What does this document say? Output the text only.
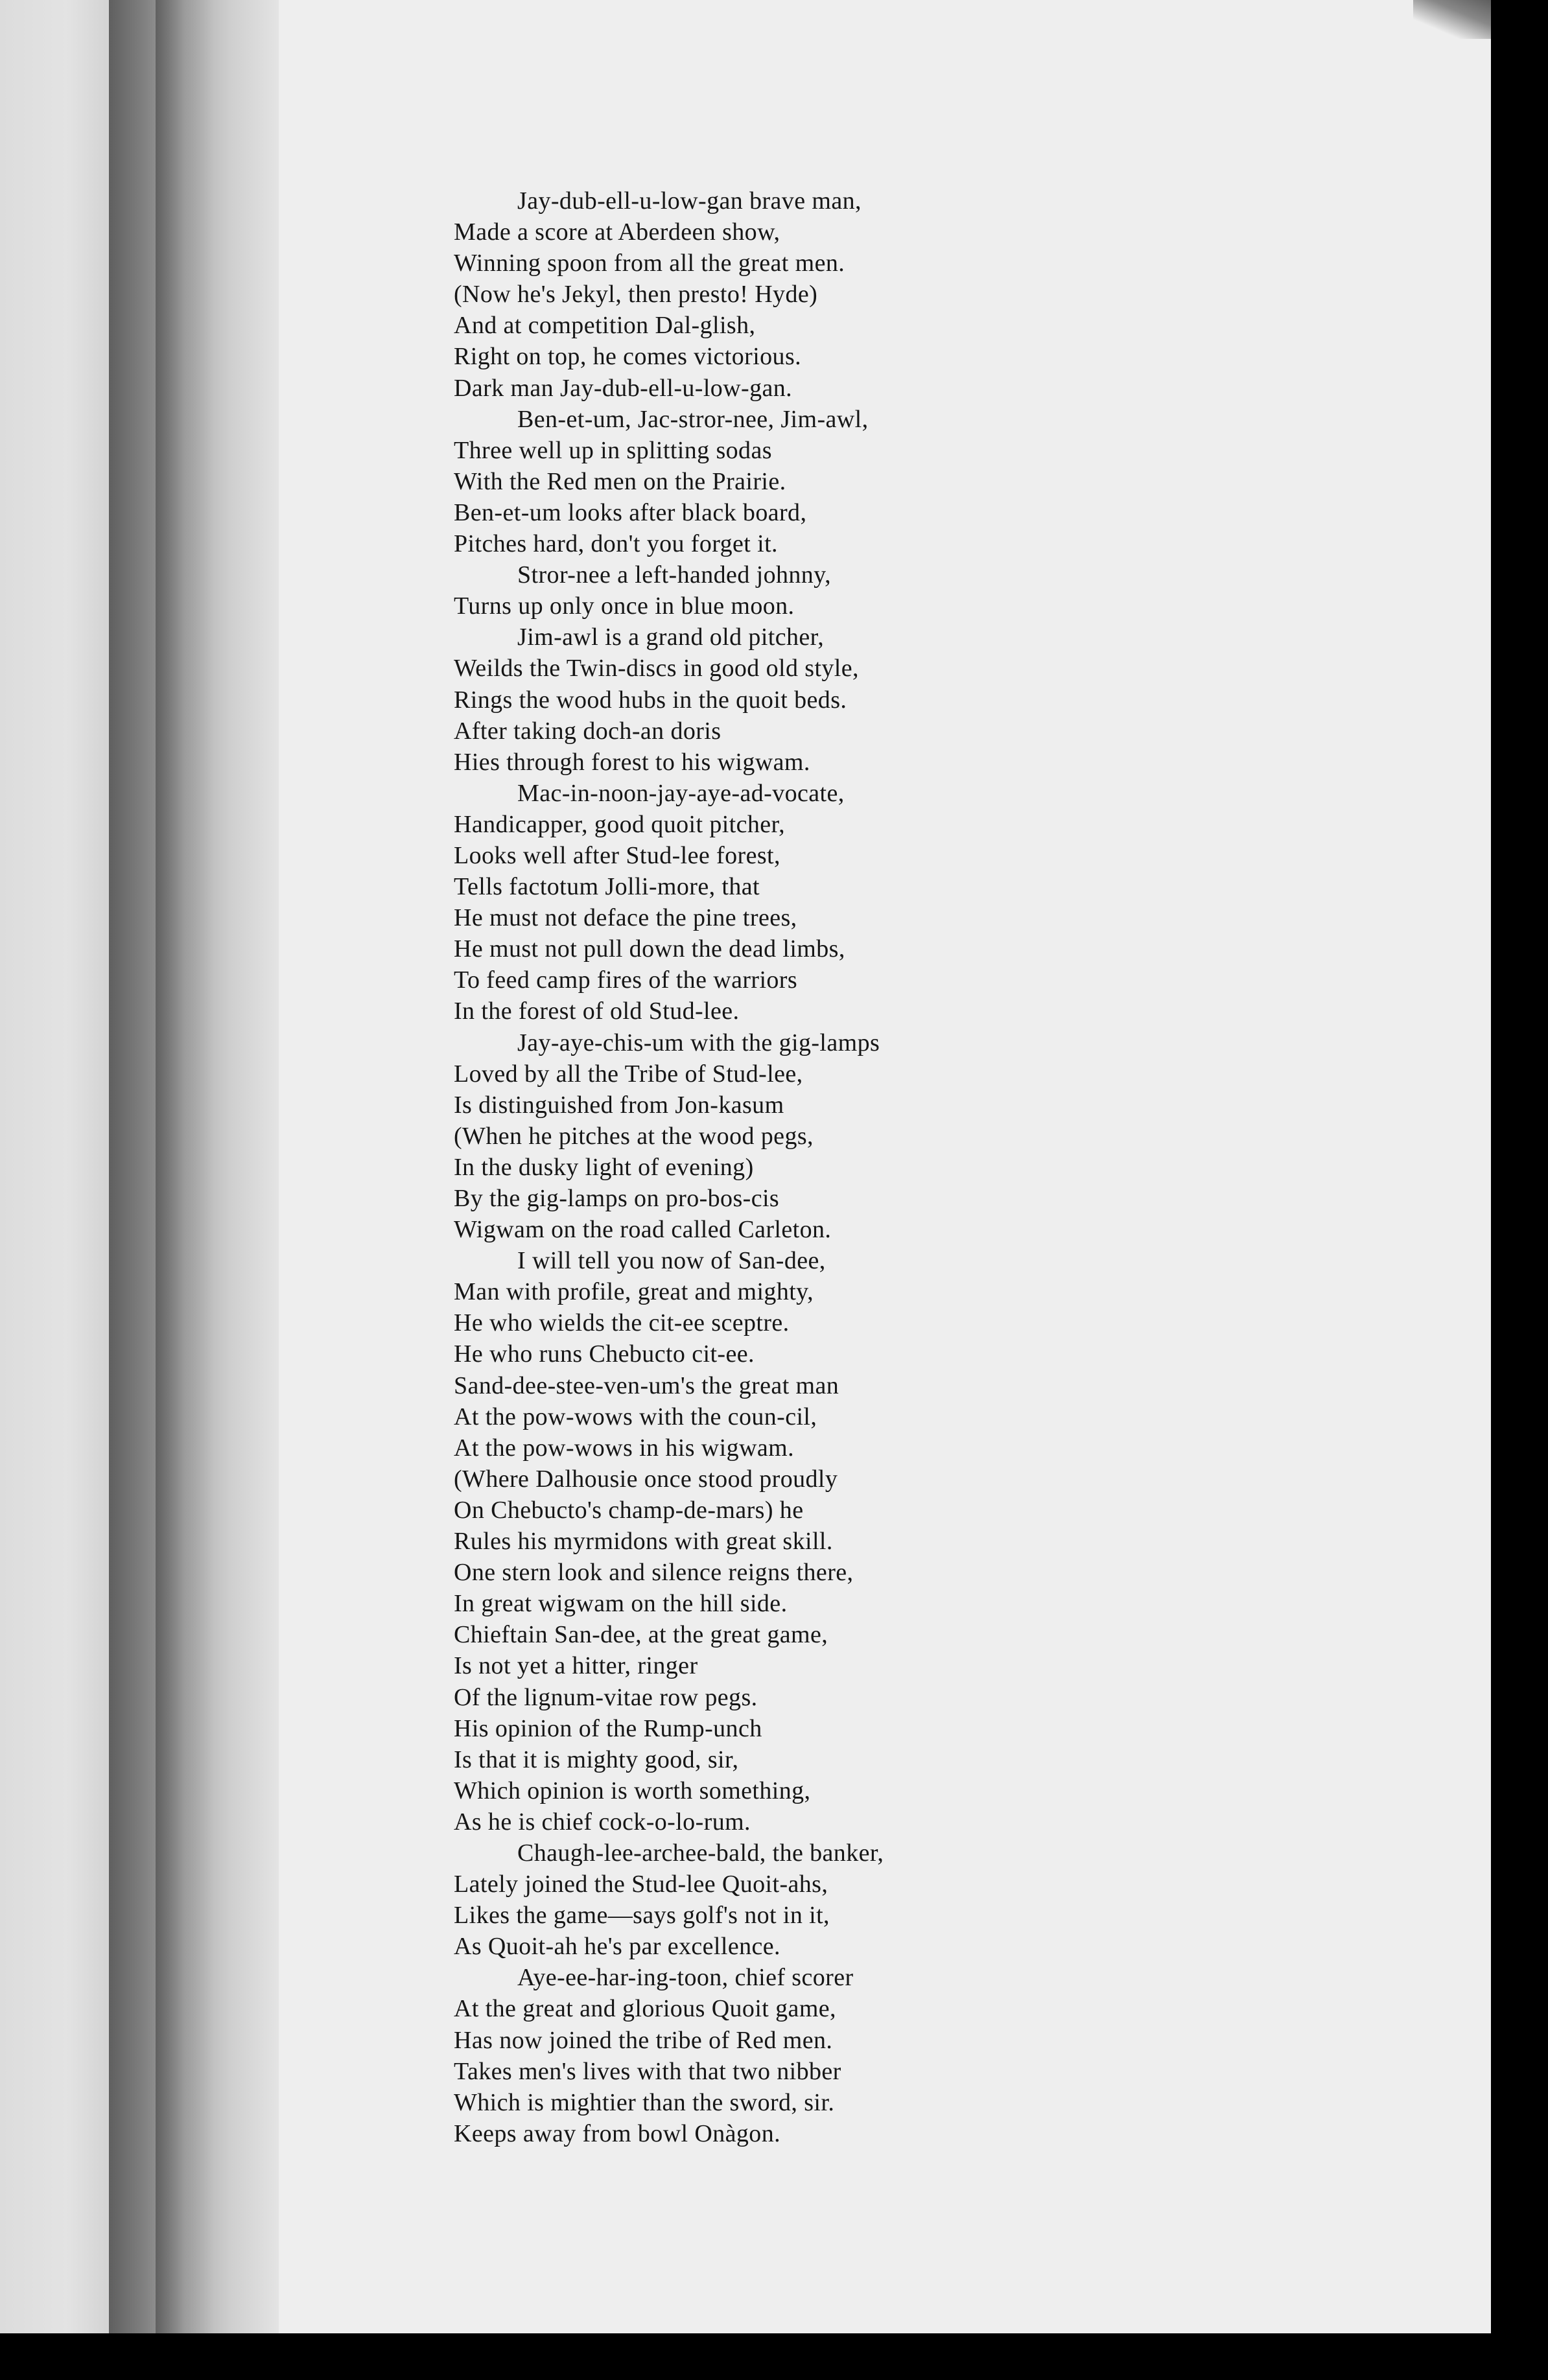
Jay-dub-ell-u-low-gan brave man,
Made a score at Aberdeen show,
Winning spoon from all the great men.
(Now he's Jekyl, then presto! Hyde)
And at competition Dal-glish,
Right on top, he comes victorious.
Dark man Jay-dub-ell-u-low-gan.
Ben-et-um, Jac-stror-nee, Jim-awl,
Three well up in splitting sodas
With the Red men on the Prairie.
Ben-et-um looks after black board,
Pitches hard, don't you forget it.
Stror-nee a left-handed johnny,
Turns up only once in blue moon.
Jim-awl is a grand old pitcher,
Weilds the Twin-discs in good old style,
Rings the wood hubs in the quoit beds.
After taking doch-an doris
Hies through forest to his wigwam.
Mac-in-noon-jay-aye-ad-vocate,
Handicapper, good quoit pitcher,
Looks well after Stud-lee forest,
Tells factotum Jolli-more, that
He must not deface the pine trees,
He must not pull down the dead limbs,
To feed camp fires of the warriors
In the forest of old Stud-lee.
Jay-aye-chis-um with the gig-lamps
Loved by all the Tribe of Stud-lee,
Is distinguished from Jon-kasum
(When he pitches at the wood pegs,
In the dusky light of evening)
By the gig-lamps on pro-bos-cis
Wigwam on the road called Carleton.
I will tell you now of San-dee,
Man with profile, great and mighty,
He who wields the cit-ee sceptre.
He who runs Chebucto cit-ee.
Sand-dee-stee-ven-um's the great man
At the pow-wows with the coun-cil,
At the pow-wows in his wigwam.
(Where Dalhousie once stood proudly
On Chebucto's champ-de-mars) he
Rules his myrmidons with great skill.
One stern look and silence reigns there,
In great wigwam on the hill side.
Chieftain San-dee, at the great game,
Is not yet a hitter, ringer
Of the lignum-vitae row pegs.
His opinion of the Rump-unch
Is that it is mighty good, sir,
Which opinion is worth something,
As he is chief cock-o-lo-rum.
Chaugh-lee-archee-bald, the banker,
Lately joined the Stud-lee Quoit-ahs,
Likes the game—says golf's not in it,
As Quoit-ah he's par excellence.
Aye-ee-har-ing-toon, chief scorer
At the great and glorious Quoit game,
Has now joined the tribe of Red men.
Takes men's lives with that two nibber
Which is mightier than the sword, sir.
Keeps away from bowl Onàgon.
